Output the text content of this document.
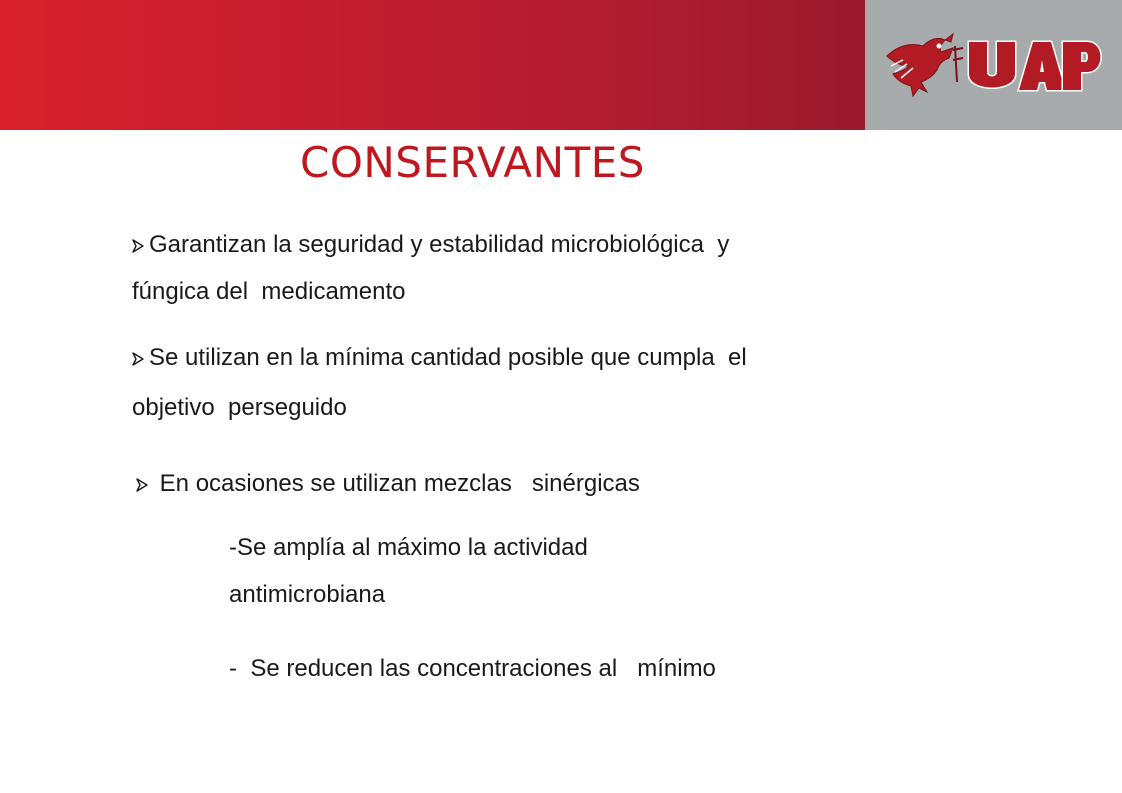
CONSERVANTES
Garantizan la seguridad y estabilidad microbiológica  y
fúngica del  medicamento
Se utilizan en la mínima cantidad posible que cumpla  el
objetivo  perseguido
En ocasiones se utilizan mezclas   sinérgicas
-Se amplía al máximo la actividad
antimicrobiana
-  Se reducen las concentraciones al   mínimo
